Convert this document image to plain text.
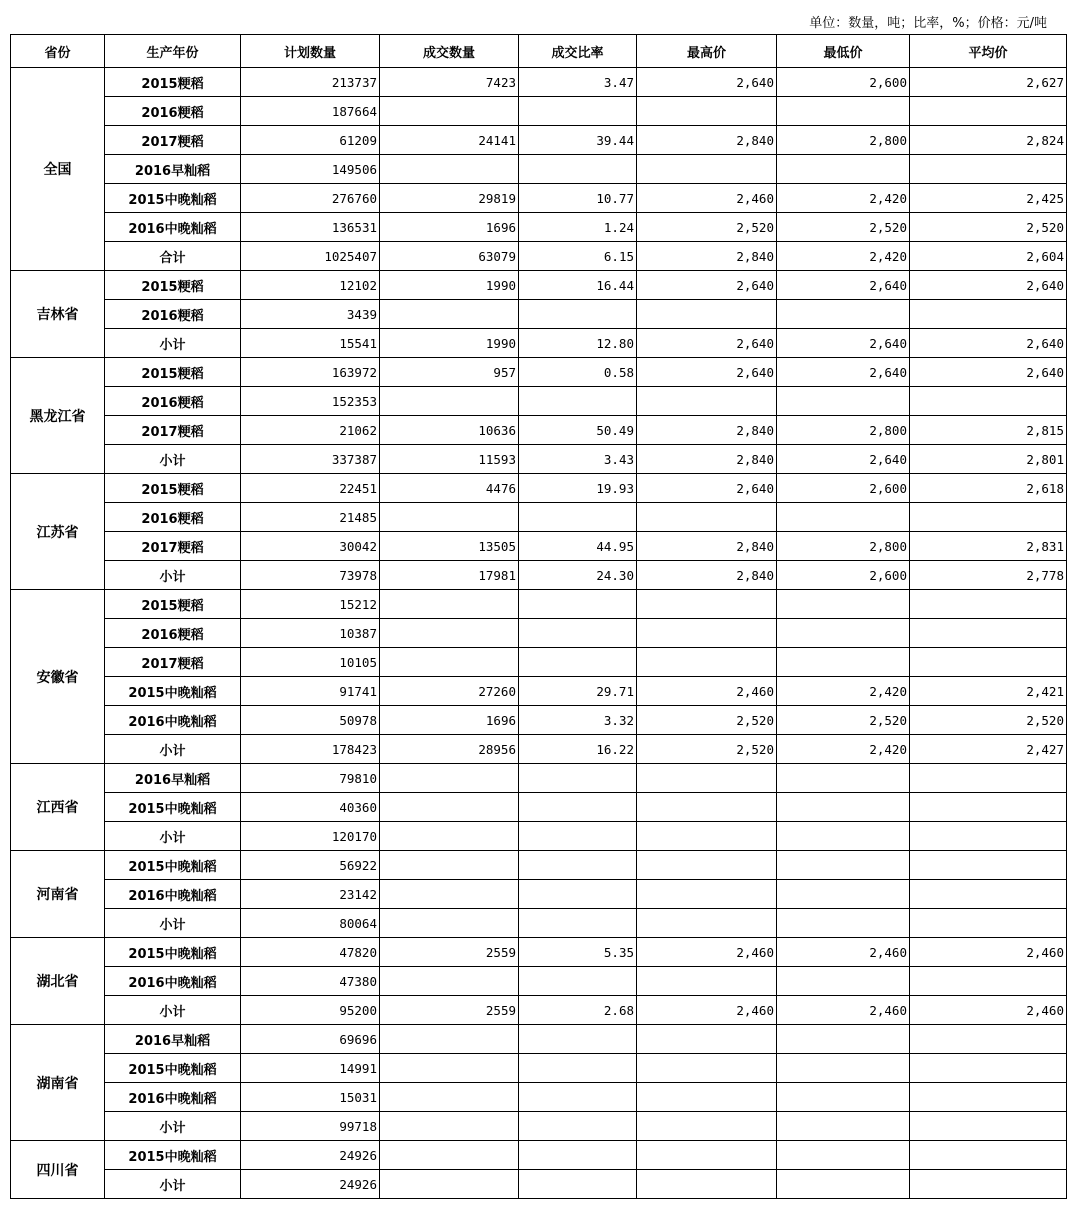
单位：数量，吨；比率，%；价格：元/吨
省份	生产年份	计划数量	成交数量	成交比率	最高价	最低价	平均价
全国	2015粳稻	213737	7423	3.47	2,640	2,600	2,627
	2016粳稻	187664					
	2017粳稻	61209	24141	39.44	2,840	2,800	2,824
	2016早籼稻	149506					
	2015中晚籼稻	276760	29819	10.77	2,460	2,420	2,425
	2016中晚籼稻	136531	1696	1.24	2,520	2,520	2,520
	合计	1025407	63079	6.15	2,840	2,420	2,604
吉林省	2015粳稻	12102	1990	16.44	2,640	2,640	2,640
	2016粳稻	3439					
	小计	15541	1990	12.80	2,640	2,640	2,640
黑龙江省	2015粳稻	163972	957	0.58	2,640	2,640	2,640
	2016粳稻	152353					
	2017粳稻	21062	10636	50.49	2,840	2,800	2,815
	小计	337387	11593	3.43	2,840	2,640	2,801
江苏省	2015粳稻	22451	4476	19.93	2,640	2,600	2,618
	2016粳稻	21485					
	2017粳稻	30042	13505	44.95	2,840	2,800	2,831
	小计	73978	17981	24.30	2,840	2,600	2,778
安徽省	2015粳稻	15212					
	2016粳稻	10387					
	2017粳稻	10105					
	2015中晚籼稻	91741	27260	29.71	2,460	2,420	2,421
	2016中晚籼稻	50978	1696	3.32	2,520	2,520	2,520
	小计	178423	28956	16.22	2,520	2,420	2,427
江西省	2016早籼稻	79810					
	2015中晚籼稻	40360					
	小计	120170					
河南省	2015中晚籼稻	56922					
	2016中晚籼稻	23142					
	小计	80064					
湖北省	2015中晚籼稻	47820	2559	5.35	2,460	2,460	2,460
	2016中晚籼稻	47380					
	小计	95200	2559	2.68	2,460	2,460	2,460
湖南省	2016早籼稻	69696					
	2015中晚籼稻	14991					
	2016中晚籼稻	15031					
	小计	99718					
四川省	2015中晚籼稻	24926					
	小计	24926					
